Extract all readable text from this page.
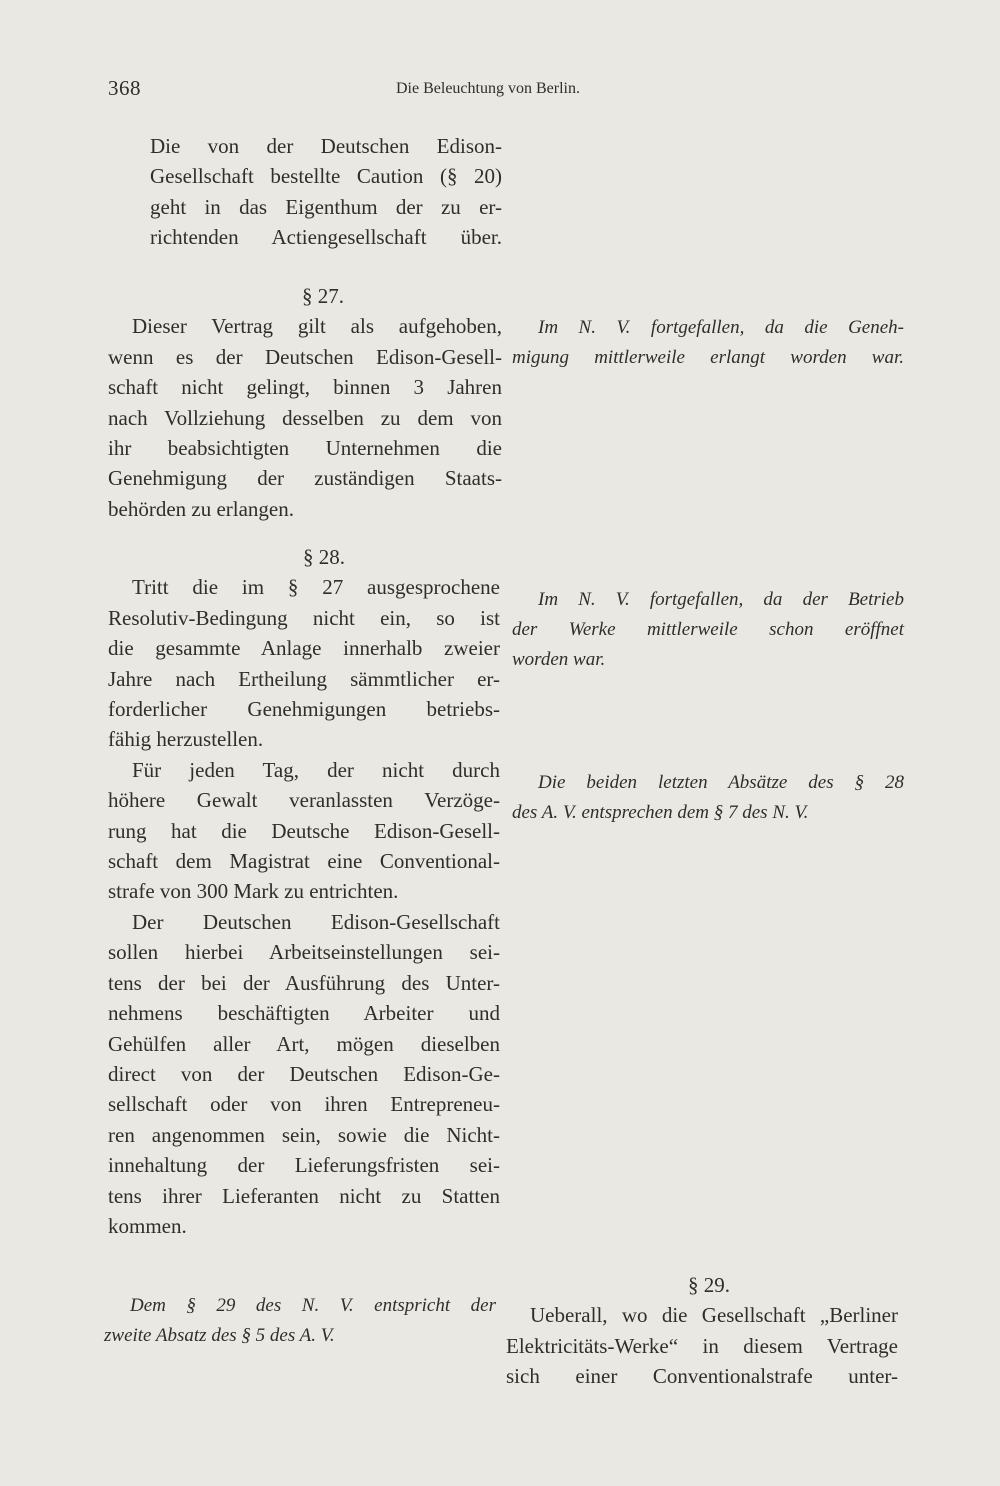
368	Die Beleuchtung von Berlin.
Die von der Deutschen Edison-
Gesellschaft bestellte Caution (§ 20)
geht in das Eigenthum der zu er-
richtenden Actiengesellschaft über.
§ 27.
Dieser Vertrag gilt als aufgehoben,
wenn es der Deutschen Edison-Gesell-
schaft nicht gelingt, binnen 3 Jahren
nach Vollziehung desselben zu dem von
ihr beabsichtigten Unternehmen die
Genehmigung der zuständigen Staats-
behörden zu erlangen.
Im N. V. fortgefallen, da die Geneh-
migung mittlerweile erlangt worden war.
§ 28.
Tritt die im § 27 ausgesprochene
Resolutiv-Bedingung nicht ein, so ist
die gesammte Anlage innerhalb zweier
Jahre nach Ertheilung sämmtlicher er-
forderlicher Genehmigungen betriebs-
fähig herzustellen.
Für jeden Tag, der nicht durch
höhere Gewalt veranlassten Verzöge-
rung hat die Deutsche Edison-Gesell-
schaft dem Magistrat eine Conventional-
strafe von 300 Mark zu entrichten.
Der Deutschen Edison-Gesellschaft
sollen hierbei Arbeitseinstellungen sei-
tens der bei der Ausführung des Unter-
nehmens beschäftigten Arbeiter und
Gehülfen aller Art, mögen dieselben
direct von der Deutschen Edison-Ge-
sellschaft oder von ihren Entrepreneu-
ren angenommen sein, sowie die Nicht-
innehaltung der Lieferungsfristen sei-
tens ihrer Lieferanten nicht zu Statten
kommen.
Im N. V. fortgefallen, da der Betrieb
der Werke mittlerweile schon eröffnet
worden war.
Die beiden letzten Absätze des § 28
des A. V. entsprechen dem § 7 des N. V.
Dem § 29 des N. V. entspricht der
zweite Absatz des § 5 des A. V.
§ 29.
Ueberall, wo die Gesellschaft „Berliner
Elektricitäts-Werke“ in diesem Vertrage
sich einer Conventionalstrafe unter-
